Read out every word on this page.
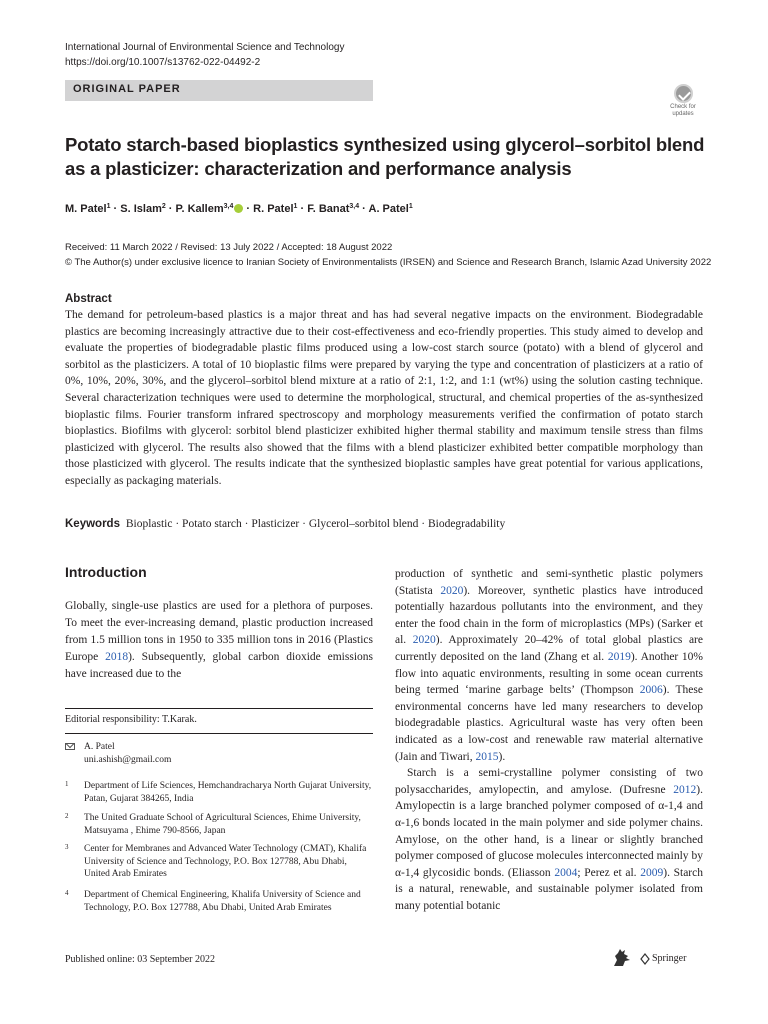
International Journal of Environmental Science and Technology
https://doi.org/10.1007/s13762-022-04492-2
ORIGINAL PAPER
Check for updates
Potato starch-based bioplastics synthesized using glycerol–sorbitol blend as a plasticizer: characterization and performance analysis
M. Patel$^1$ · S. Islam$^2$ · P. Kallem$^{3,4}$ · R. Patel$^1$ · F. Banat$^{3,4}$ · A. Patel$^1$
Received: 11 March 2022 / Revised: 13 July 2022 / Accepted: 18 August 2022
© The Author(s) under exclusive licence to Iranian Society of Environmentalists (IRSEN) and Science and Research Branch, Islamic Azad University 2022
Abstract

The demand for petroleum-based plastics is a major threat and has had several negative impacts on the environment. Biodegradable plastics are becoming increasingly attractive due to their cost-effectiveness and eco-friendly properties. This study aimed to develop and evaluate the properties of biodegradable plastic films produced using a low-cost starch source (potato) with a blend of glycerol and sorbitol as the plasticizers. A total of 10 bioplastic films were prepared by varying the type and concentration of plasticizers at a ratio of 0%, 10%, 20%, 30%, and the glycerol–sorbitol blend mixture at a ratio of 2:1, 1:2, and 1:1 (wt%) using the solution casting technique. Several characterization techniques were used to determine the morphological, structural, and chemical properties of the as-synthesized bioplastic films. Fourier transform infrared spectroscopy and morphology measurements verified the confirmation of potato starch bioplastics. Biofilms with glycerol: sorbitol blend plasticizer exhibited higher thermal stability and maximum tensile stress than films plasticized with glycerol. The results also showed that the films with a blend plasticizer exhibited better compatible morphology than those plasticized with glycerol. The results indicate that the synthesized bioplastic samples have great potential for various applications, especially as packaging materials.

Keywords Bioplastic · Potato starch · Plasticizer · Glycerol–sorbitol blend · Biodegradability
Introduction

Globally, single-use plastics are used for a plethora of purposes. To meet the ever-increasing demand, plastic production increased from 1.5 million tons in 1950 to 335 million tons in 2016 (Plastics Europe 2018). Subsequently, global carbon dioxide emissions have increased due to the

Editorial responsibility: T.Karak.
A. Patel
uni.ashish@gmail.com
1 Department of Life Sciences, Hemchandracharya North Gujarat University, Patan, Gujarat 384265, India
2 The United Graduate School of Agricultural Sciences, Ehime University, Matsuyama , Ehime 790-8566, Japan
3 Center for Membranes and Advanced Water Technology (CMAT), Khalifa University of Science and Technology, P.O. Box 127788, Abu Dhabi, United Arab Emirates
4 Department of Chemical Engineering, Khalifa University of Science and Technology, P.O. Box 127788, Abu Dhabi, United Arab Emirates

production of synthetic and semi-synthetic plastic polymers (Statista 2020). Moreover, synthetic plastics have introduced potentially hazardous pollutants into the environment, and they enter the food chain in the form of microplastics (MPs) (Sarker et al. 2020). Approximately 20–42% of total global plastics are currently deposited on the land (Zhang et al. 2019). Another 10% flow into aquatic environments, resulting in some ocean currents being termed ‘marine garbage belts’ (Thompson 2006). These environmental concerns have led many researchers to develop biodegradable plastics. Agricultural waste has very often been indicated as a low-cost and renewable raw material alternative (Jain and Tiwari, 2015).

Starch is a semi-crystalline polymer consisting of two polysaccharides, amylopectin, and amylose. (Dufresne 2012). Amylopectin is a large branched polymer composed of α-1,4 and α-1,6 bonds located in the main polymer and side polymer chains. Amylose, on the other hand, is a linear or slightly branched polymer composed of glucose molecules interconnected mainly by α-1,4 glycosidic bonds. (Eliasson 2004; Perez et al. 2009). Starch is a natural, renewable, and sustainable polymer isolated from many potential botanic

Published online: 03 September 2022	Springer
